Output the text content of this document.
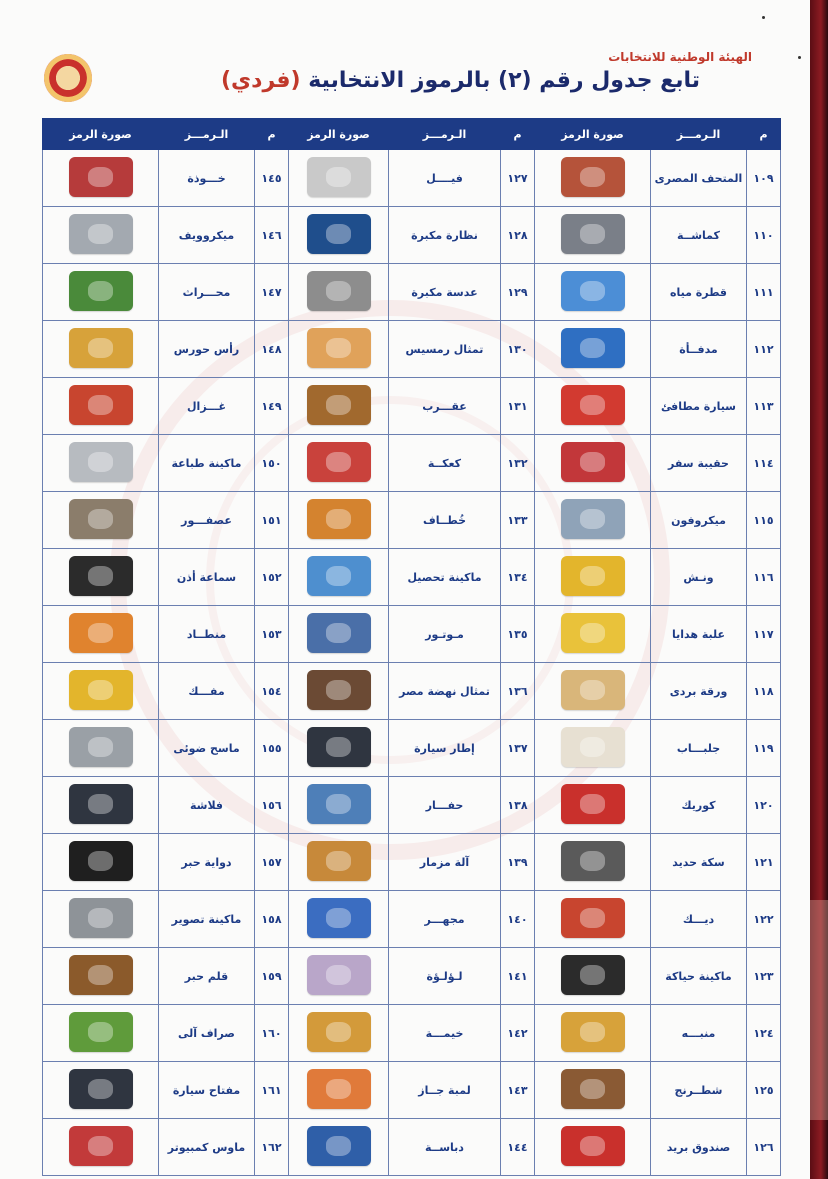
الهيئة الوطنية للانتخابات
تابع جدول رقم (٢) بالرموز الانتخابية (فردي)
م	الـرمـــز	صورة الرمز	م	الـرمـــز	صورة الرمز	م	الـرمـــز	صورة الرمز
١٠٩	المتحف المصرى		١٢٧	فيــــل		١٤٥	خـــوذة	
١١٠	كماشــة		١٢٨	نظارة مكبرة		١٤٦	ميكروويف	
١١١	قطرة مياه		١٢٩	عدسة مكبرة		١٤٧	محـــراث	
١١٢	مدفــأة		١٣٠	تمثال رمسيس		١٤٨	رأس حورس	
١١٣	سيارة مطافئ		١٣١	عقـــرب		١٤٩	غـــزال	
١١٤	حقيبة سفر		١٣٢	كعكــة		١٥٠	ماكينة طباعة	
١١٥	ميكروفون		١٣٣	خُطــاف		١٥١	عصفـــور	
١١٦	ونـش		١٣٤	ماكينة تحصيل		١٥٢	سماعة أذن	
١١٧	علبة هدايا		١٣٥	مـوتـور		١٥٣	منطــاد	
١١٨	ورقة بردى		١٣٦	تمثال نهضة مصر		١٥٤	مفـــك	
١١٩	جلبـــاب		١٣٧	إطار سيارة		١٥٥	ماسح ضوئى	
١٢٠	كوريك		١٣٨	حفـــار		١٥٦	فلاشة	
١٢١	سكة حديد		١٣٩	آلة مزمار		١٥٧	دواية حبر	
١٢٢	ديـــك		١٤٠	مجهـــر		١٥٨	ماكينة تصوير	
١٢٣	ماكينة حياكة		١٤١	لـؤلـؤة		١٥٩	قلم حبر	
١٢٤	منبـــه		١٤٢	خيمـــة		١٦٠	صراف آلى	
١٢٥	شطــرنج		١٤٣	لمبة جــاز		١٦١	مفتاح سيارة	
١٢٦	صندوق بريد		١٤٤	دباســة		١٦٢	ماوس كمبيوتر	
